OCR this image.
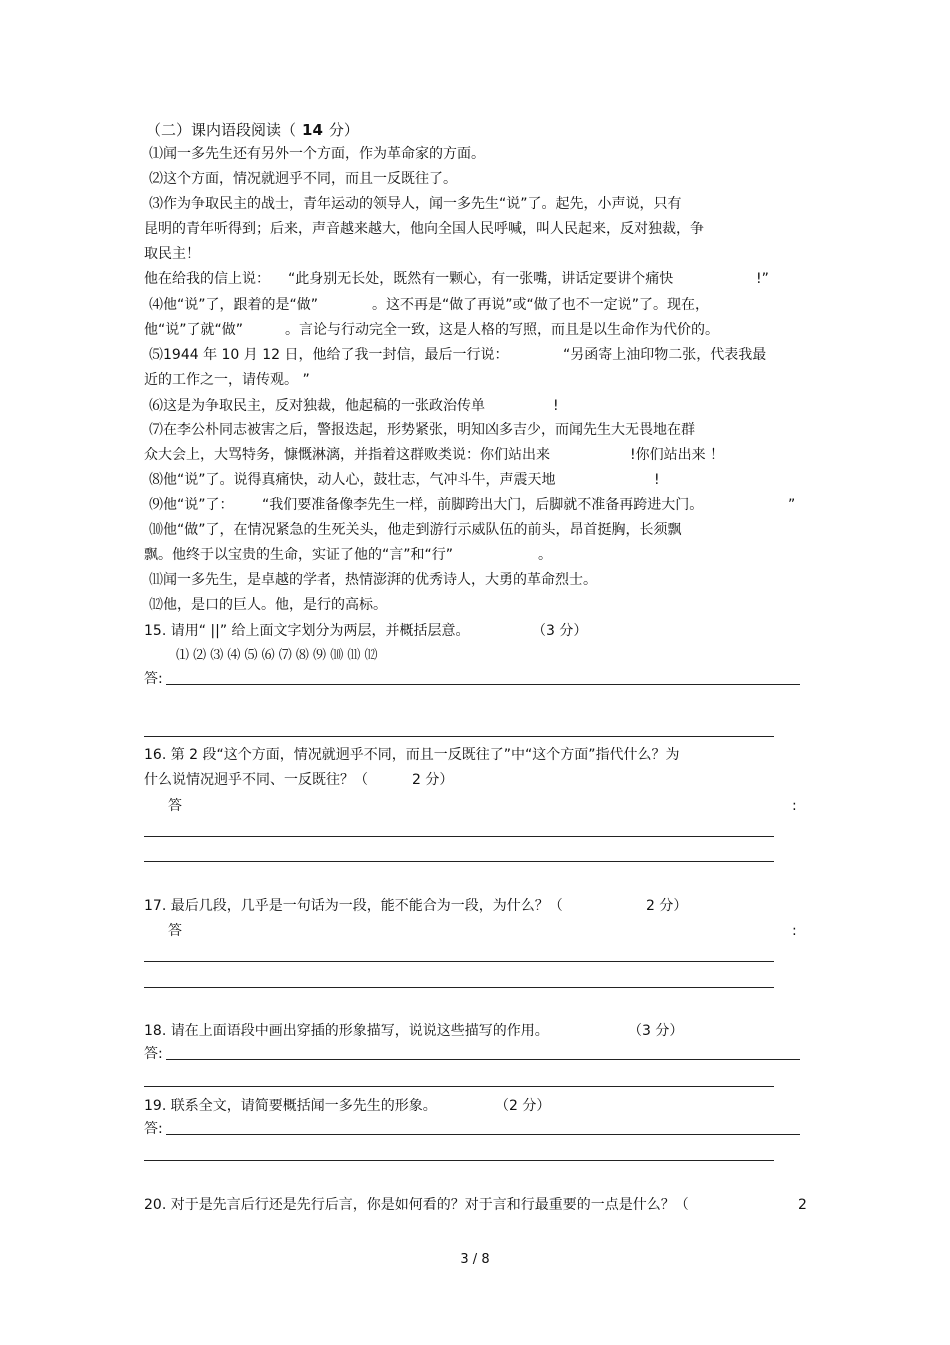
（二）课内语段阅读（ 14 分）
⑴闻一多先生还有另外一个方面，作为革命家的方面。
⑵这个方面，情况就迥乎不同，而且一反既往了。
⑶作为争取民主的战士，青年运动的领导人，闻一多先生“说”了。起先，小声说，只有
昆明的青年听得到；后来，声音越来越大，他向全国人民呼喊，叫人民起来，反对独裁，争
取民主！
他在给我的信上说： “此身别无长处，既然有一颗心，有一张嘴，讲话定要讲个痛快	!”
⑷他“说”了，跟着的是“做”	。这不再是“做了再说”或“做了也不一定说”了。现在，
他“说”了就“做”	。言论与行动完全一致，这是人格的写照，而且是以生命作为代价的。
⑸1944 年 10 月 12 日，他给了我一封信，最后一行说：	“另函寄上油印物二张，代表我最
近的工作之一，请传观。 ”
⑹这是为争取民主，反对独裁，他起稿的一张政治传单	!
⑺在李公朴同志被害之后，警报迭起，形势紧张，明知凶多吉少，而闻先生大无畏地在群
众大会上，大骂特务，慷慨淋漓，并指着这群败类说：你们站出来	!你们站出来 ！
⑻他“说”了。说得真痛快，动人心，鼓壮志，气冲斗牛，声震天地	!
⑼他“说”了： “我们要准备像李先生一样，前脚跨出大门，后脚就不准备再跨进大门。	”
⑽他“做”了，在情况紧急的生死关头，他走到游行示威队伍的前头，昂首挺胸，长须飘
飘。他终于以宝贵的生命，实证了他的“言”和“行”	。
⑾闻一多先生，是卓越的学者，热情澎湃的优秀诗人，大勇的革命烈士。
⑿他，是口的巨人。他，是行的高标。
15. 请用“ ||” 给上面文字划分为两层，并概括层意。	（3 分）
⑴ ⑵ ⑶ ⑷ ⑸ ⑹ ⑺ ⑻ ⑼ ⑽ ⑾ ⑿
答:
16. 第 2 段“这个方面，情况就迥乎不同，而且一反既往了”中“这个方面”指代什么？为
什么说情况迥乎不同、一反既往？（	2 分）
答	:
17. 最后几段，几乎是一句话为一段，能不能合为一段，为什么？（	2 分）
答	:
18. 请在上面语段中画出穿插的形象描写，说说这些描写的作用。	（3 分）
答:
19. 联系全文，请简要概括闻一多先生的形象。	（2 分）
答:
20. 对于是先言后行还是先行后言，你是如何看的？对于言和行最重要的一点是什么？（	2
3 / 8
